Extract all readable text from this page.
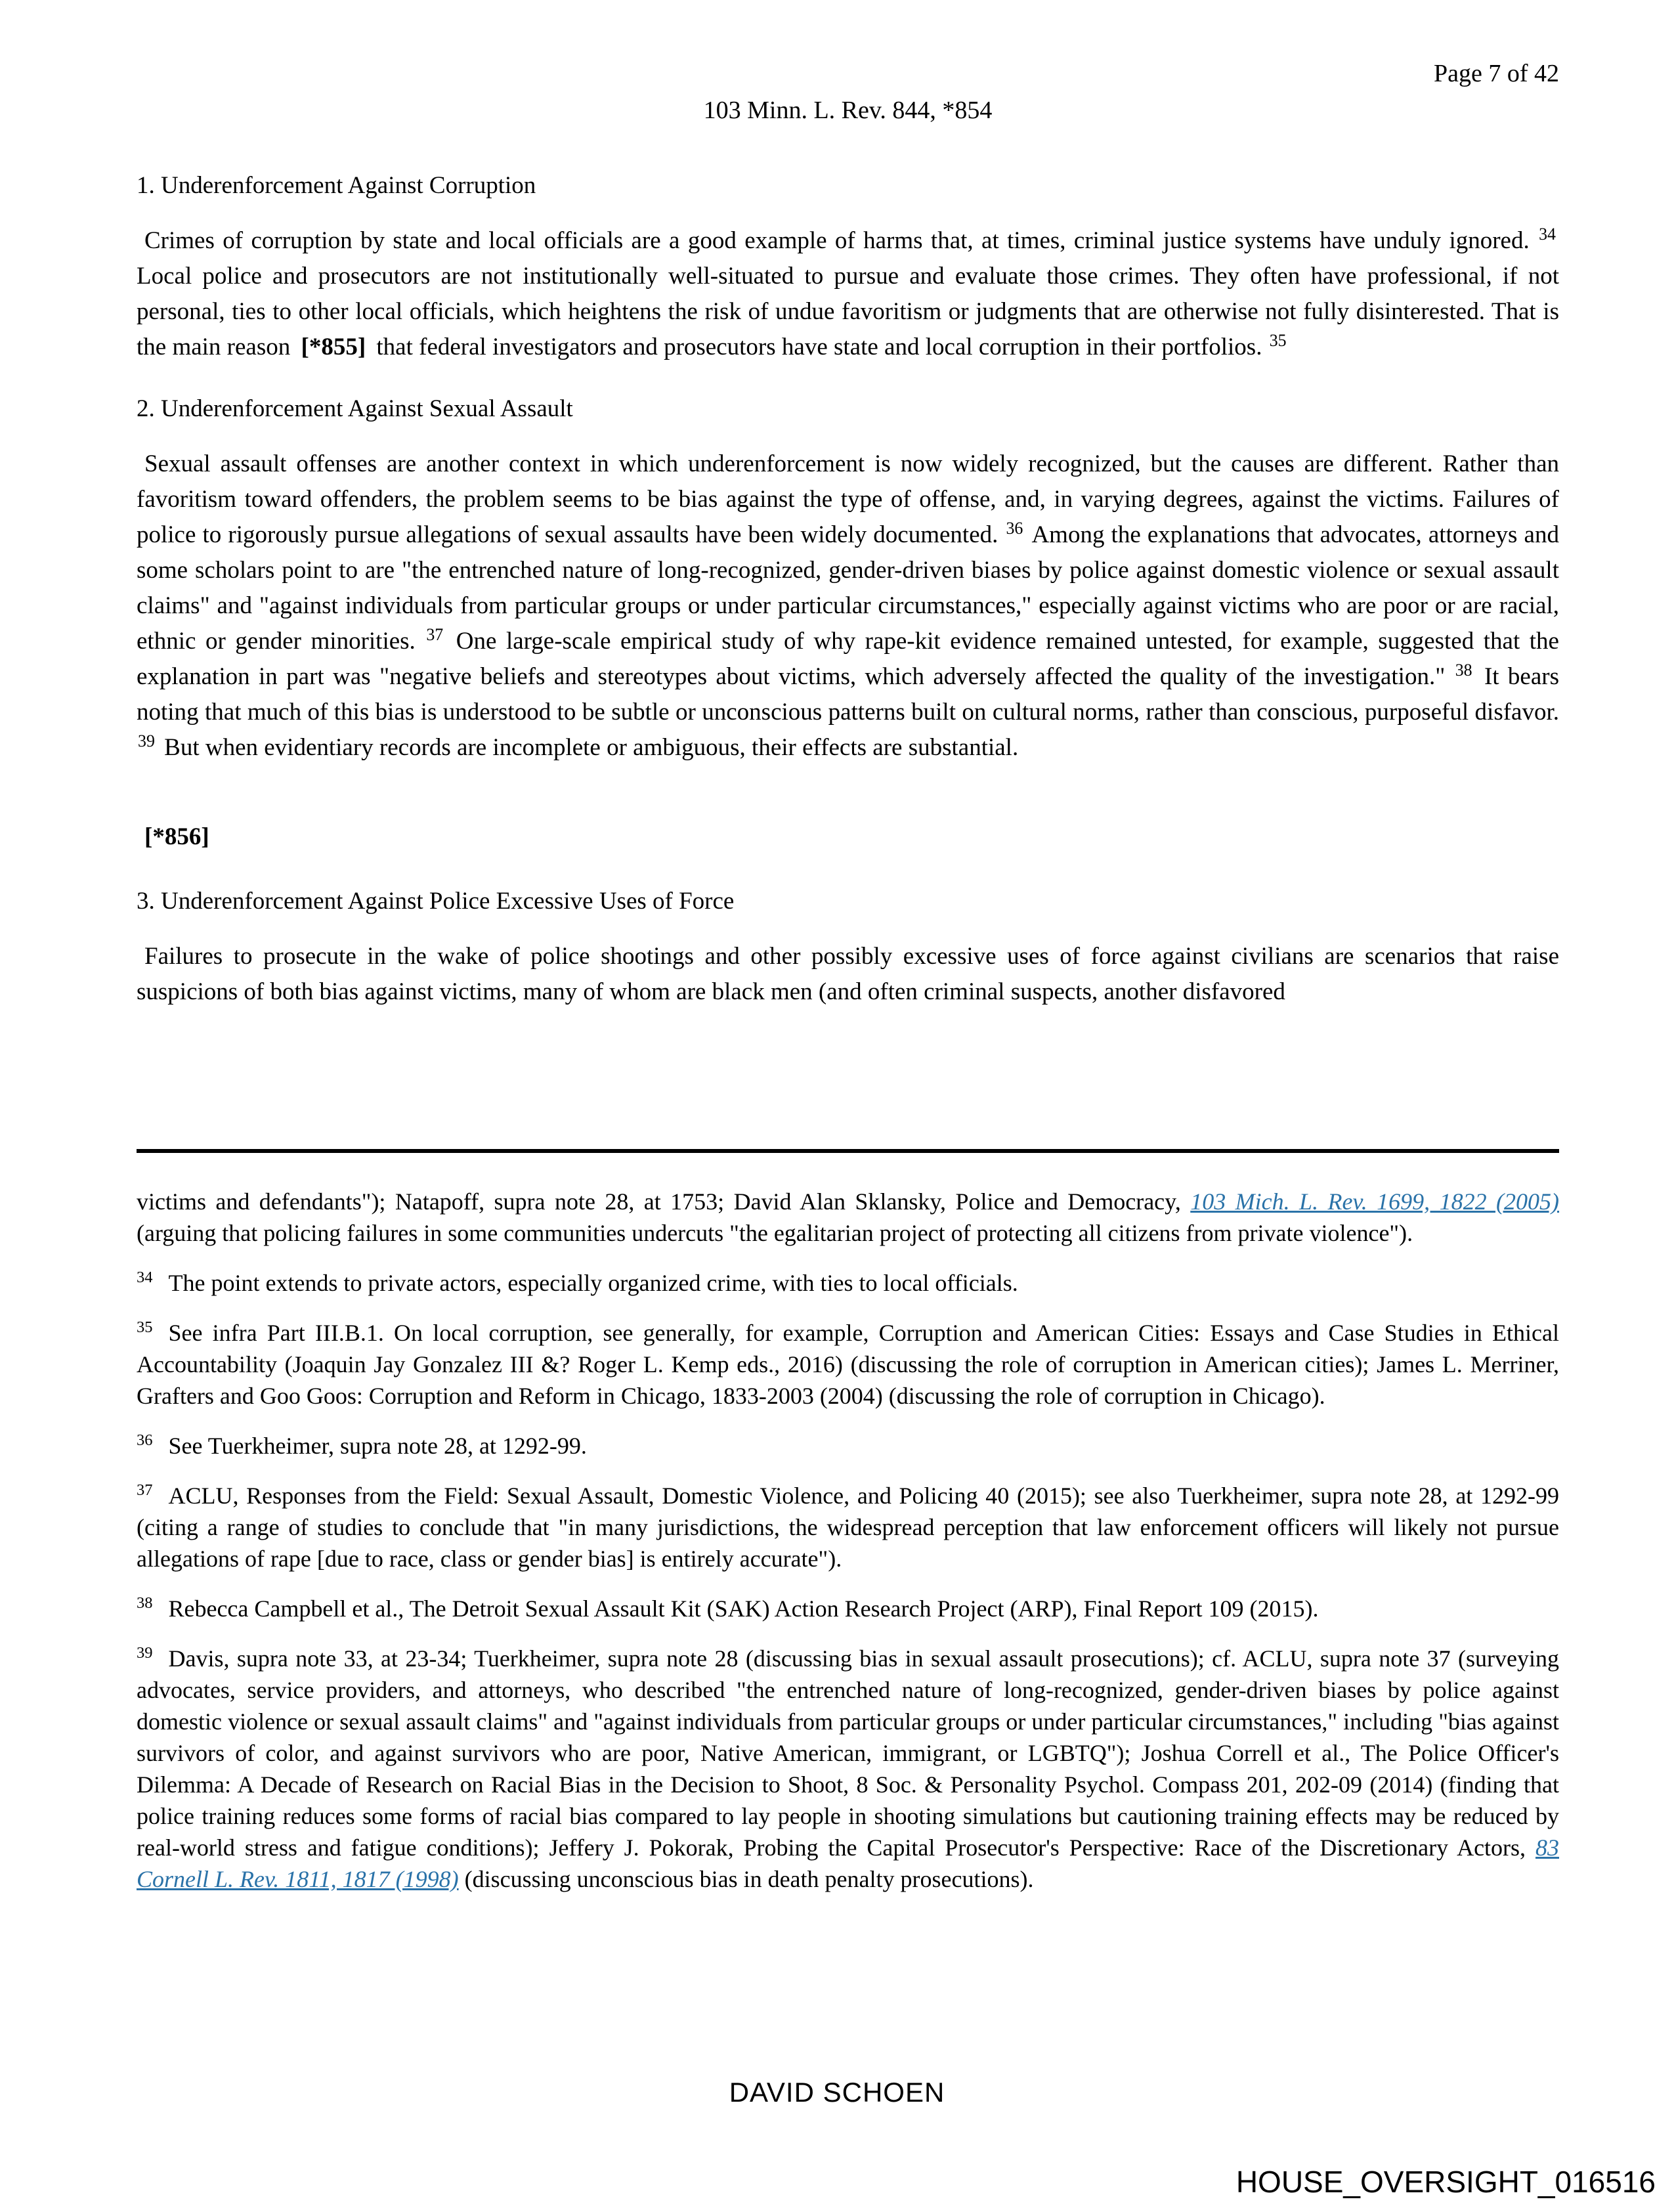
Page 7 of 42
103 Minn. L. Rev. 844, *854
1. Underenforcement Against Corruption

Crimes of corruption by state and local officials are a good example of harms that, at times, criminal justice systems have unduly ignored. $^{34}$ Local police and prosecutors are not institutionally well-situated to pursue and evaluate those crimes. They often have professional, if not personal, ties to other local officials, which heightens the risk of undue favoritism or judgments that are otherwise not fully disinterested. That is the main reason [*855] that federal investigators and prosecutors have state and local corruption in their portfolios. $^{35}$

2. Underenforcement Against Sexual Assault

Sexual assault offenses are another context in which underenforcement is now widely recognized, but the causes are different. Rather than favoritism toward offenders, the problem seems to be bias against the type of offense, and, in varying degrees, against the victims. Failures of police to rigorously pursue allegations of sexual assaults have been widely documented. $^{36}$ Among the explanations that advocates, attorneys and some scholars point to are "the entrenched nature of long-recognized, gender-driven biases by police against domestic violence or sexual assault claims" and "against individuals from particular groups or under particular circumstances," especially against victims who are poor or are racial, ethnic or gender minorities. $^{37}$ One large-scale empirical study of why rape-kit evidence remained untested, for example, suggested that the explanation in part was "negative beliefs and stereotypes about victims, which adversely affected the quality of the investigation." $^{38}$ It bears noting that much of this bias is understood to be subtle or unconscious patterns built on cultural norms, rather than conscious, purposeful disfavor. $^{39}$ But when evidentiary records are incomplete or ambiguous, their effects are substantial.

[*856]
3. Underenforcement Against Police Excessive Uses of Force

Failures to prosecute in the wake of police shootings and other possibly excessive uses of force against civilians are scenarios that raise suspicions of both bias against victims, many of whom are black men (and often criminal suspects, another disfavored

victims and defendants"); Natapoff, supra note 28, at 1753; David Alan Sklansky, Police and Democracy, 103 Mich. L. Rev. 1699, 1822 (2005) (arguing that policing failures in some communities undercuts "the egalitarian project of protecting all citizens from private violence").
$^{34}$ The point extends to private actors, especially organized crime, with ties to local officials.
$^{35}$ See infra Part III.B.1. On local corruption, see generally, for example, Corruption and American Cities: Essays and Case Studies in Ethical Accountability (Joaquin Jay Gonzalez III &? Roger L. Kemp eds., 2016) (discussing the role of corruption in American cities); James L. Merriner, Grafters and Goo Goos: Corruption and Reform in Chicago, 1833-2003 (2004) (discussing the role of corruption in Chicago).
$^{36}$ See Tuerkheimer, supra note 28, at 1292-99.
$^{37}$ ACLU, Responses from the Field: Sexual Assault, Domestic Violence, and Policing 40 (2015); see also Tuerkheimer, supra note 28, at 1292-99 (citing a range of studies to conclude that "in many jurisdictions, the widespread perception that law enforcement officers will likely not pursue allegations of rape [due to race, class or gender bias] is entirely accurate").
$^{38}$ Rebecca Campbell et al., The Detroit Sexual Assault Kit (SAK) Action Research Project (ARP), Final Report 109 (2015).
$^{39}$ Davis, supra note 33, at 23-34; Tuerkheimer, supra note 28 (discussing bias in sexual assault prosecutions); cf. ACLU, supra note 37 (surveying advocates, service providers, and attorneys, who described "the entrenched nature of long-recognized, gender-driven biases by police against domestic violence or sexual assault claims" and "against individuals from particular groups or under particular circumstances," including "bias against survivors of color, and against survivors who are poor, Native American, immigrant, or LGBTQ"); Joshua Correll et al., The Police Officer's Dilemma: A Decade of Research on Racial Bias in the Decision to Shoot, 8 Soc. & Personality Psychol. Compass 201, 202-09 (2014) (finding that police training reduces some forms of racial bias compared to lay people in shooting simulations but cautioning training effects may be reduced by real-world stress and fatigue conditions); Jeffery J. Pokorak, Probing the Capital Prosecutor's Perspective: Race of the Discretionary Actors, 83 Cornell L. Rev. 1811, 1817 (1998) (discussing unconscious bias in death penalty prosecutions).
DAVID SCHOEN
HOUSE_OVERSIGHT_016516
